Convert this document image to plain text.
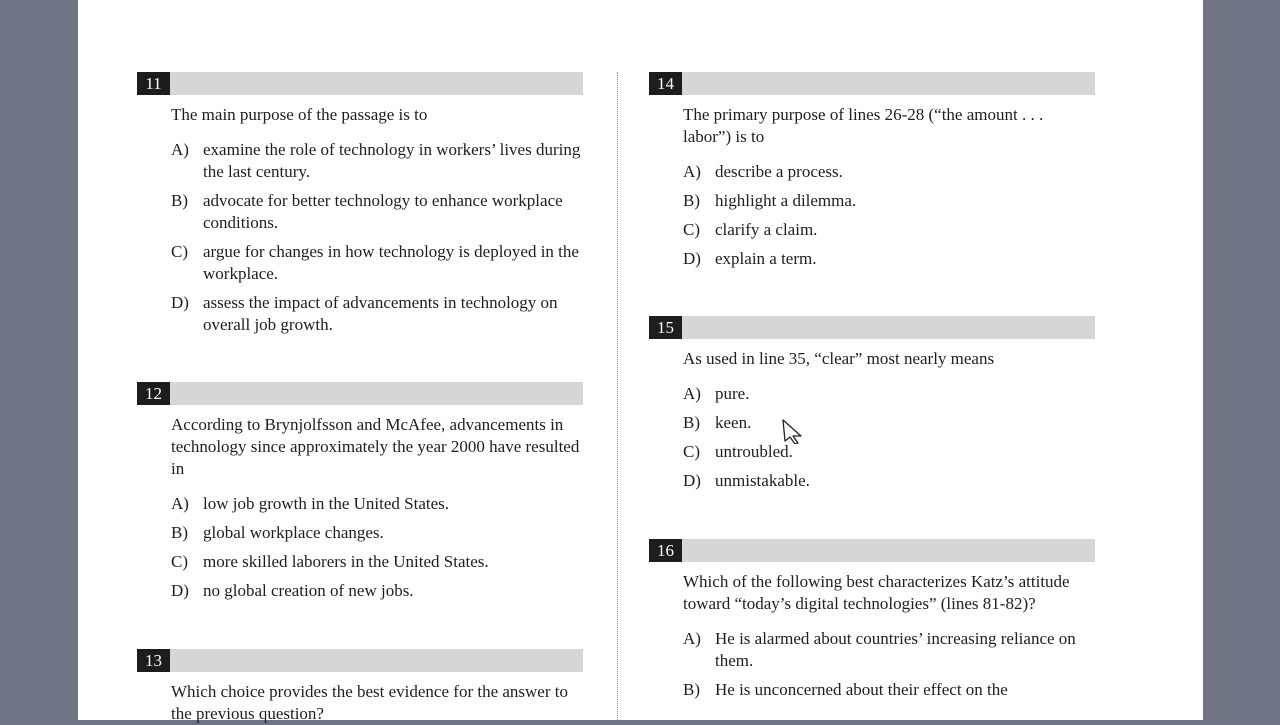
11
The main purpose of the passage is to
A) examine the role of technology in workers’ lives during the last century.
B) advocate for better technology to enhance workplace conditions.
C) argue for changes in how technology is deployed in the workplace.
D) assess the impact of advancements in technology on overall job growth.
12
According to Brynjolfsson and McAfee, advancements in technology since approximately the year 2000 have resulted in
A) low job growth in the United States.
B) global workplace changes.
C) more skilled laborers in the United States.
D) no global creation of new jobs.
13
Which choice provides the best evidence for the answer to the previous question?
14
The primary purpose of lines 26-28 (“the amount . . . labor”) is to
A) describe a process.
B) highlight a dilemma.
C) clarify a claim.
D) explain a term.
15
As used in line 35, “clear” most nearly means
A) pure.
B) keen.
C) untroubled.
D) unmistakable.
16
Which of the following best characterizes Katz’s attitude toward “today’s digital technologies” (lines 81-82)?
A) He is alarmed about countries’ increasing reliance on them.
B) He is unconcerned about their effect on the
